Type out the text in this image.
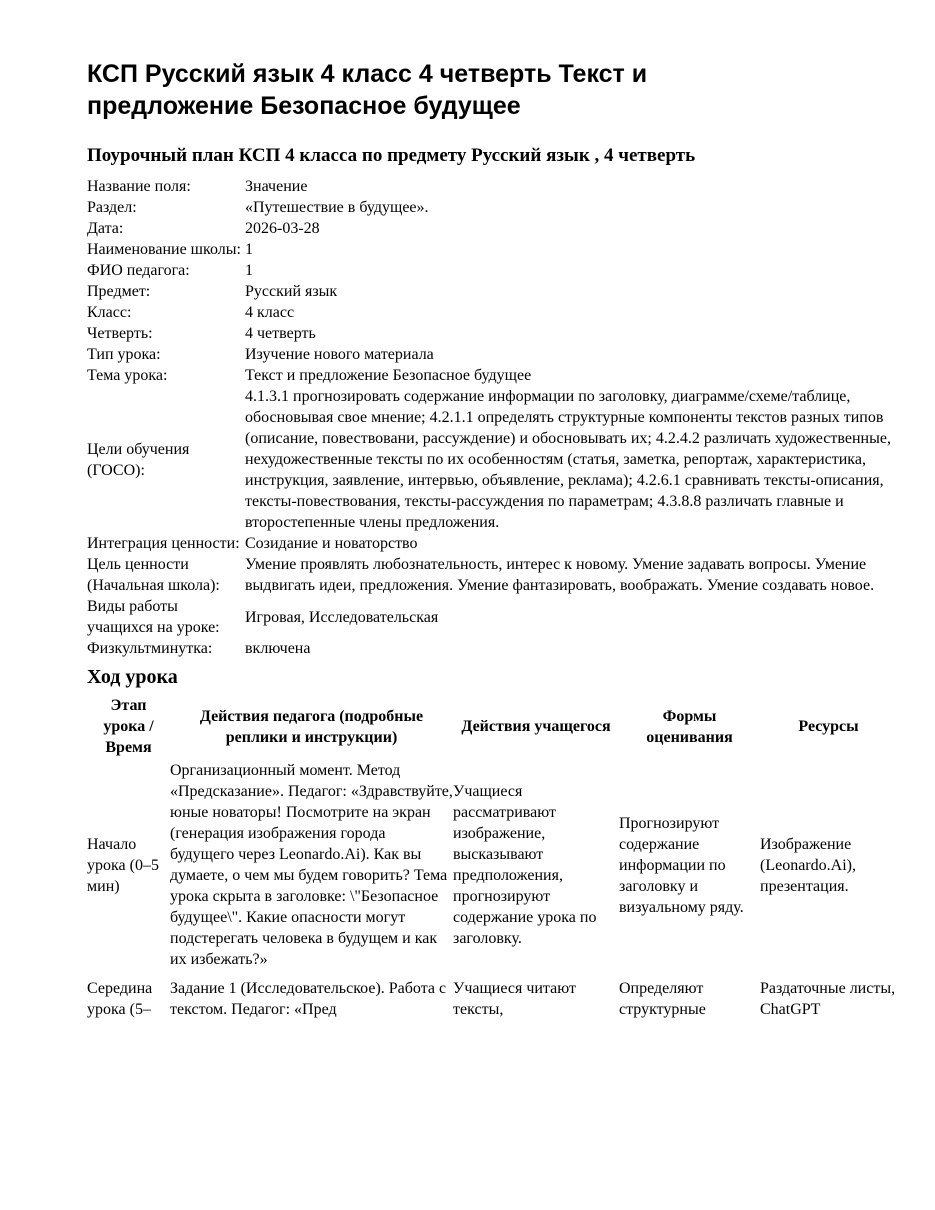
КСП Русский язык 4 класс 4 четверть Текст и предложение Безопасное будущее
Поурочный план КСП 4 класса по предмету Русский язык , 4 четверть
Название поля:	Значение
Раздел:	«Путешествие в будущее».
Дата:	2026-03-28
Наименование школы:	1
ФИО педагога:	1
Предмет:	Русский язык
Класс:	4 класс
Четверть:	4 четверть
Тип урока:	Изучение нового материала
Тема урока:	Текст и предложение Безопасное будущее
Цели обучения (ГОСО):	4.1.3.1 прогнозировать содержание информации по заголовку, диаграмме/схеме/таблице, обосновывая свое мнение; 4.2.1.1 определять структурные компоненты текстов разных типов (описание, повествовани, рассуждение) и обосновывать их; 4.2.4.2 различать художественные, нехудожественные тексты по их особенностям (статья, заметка, репортаж, характеристика, инструкция, заявление, интервью, объявление, реклама); 4.2.6.1 сравнивать тексты-описания, тексты-повествования, тексты-рассуждения по параметрам; 4.3.8.8 различать главные и второстепенные члены предложения.
Интеграция ценности:	Созидание и новаторство
Цель ценности (Начальная школа):	Умение проявлять любознательность, интерес к новому. Умение задавать вопросы. Умение выдвигать идеи, предложения. Умение фантазировать, воображать. Умение создавать новое.
Виды работы учащихся на уроке:	Игровая, Исследовательская
Физкультминутка:	включена
Ход урока
Этап урока / Время	Действия педагога (подробные реплики и инструкции)	Действия учащегося	Формы оценивания	Ресурсы
Начало урока (0–5 мин)	Организационный момент. Метод «Предсказание». Педагог: «Здравствуйте, юные новаторы! Посмотрите на экран (генерация изображения города будущего через Leonardo.Ai). Как вы думаете, о чем мы будем говорить? Тема урока скрыта в заголовке: \"Безопасное будущее\". Какие опасности могут подстерегать человека в будущем и как их избежать?»	Учащиеся рассматривают изображение, высказывают предположения, прогнозируют содержание урока по заголовку.	Прогнозируют содержание информации по заголовку и визуальному ряду.	Изображение (Leonardo.Ai), презентация.
Середина урока (5–	Задание 1 (Исследовательское). Работа с текстом. Педагог: «Пред	Учащиеся читают тексты,	Определяют структурные	Раздаточные листы, ChatGPT
